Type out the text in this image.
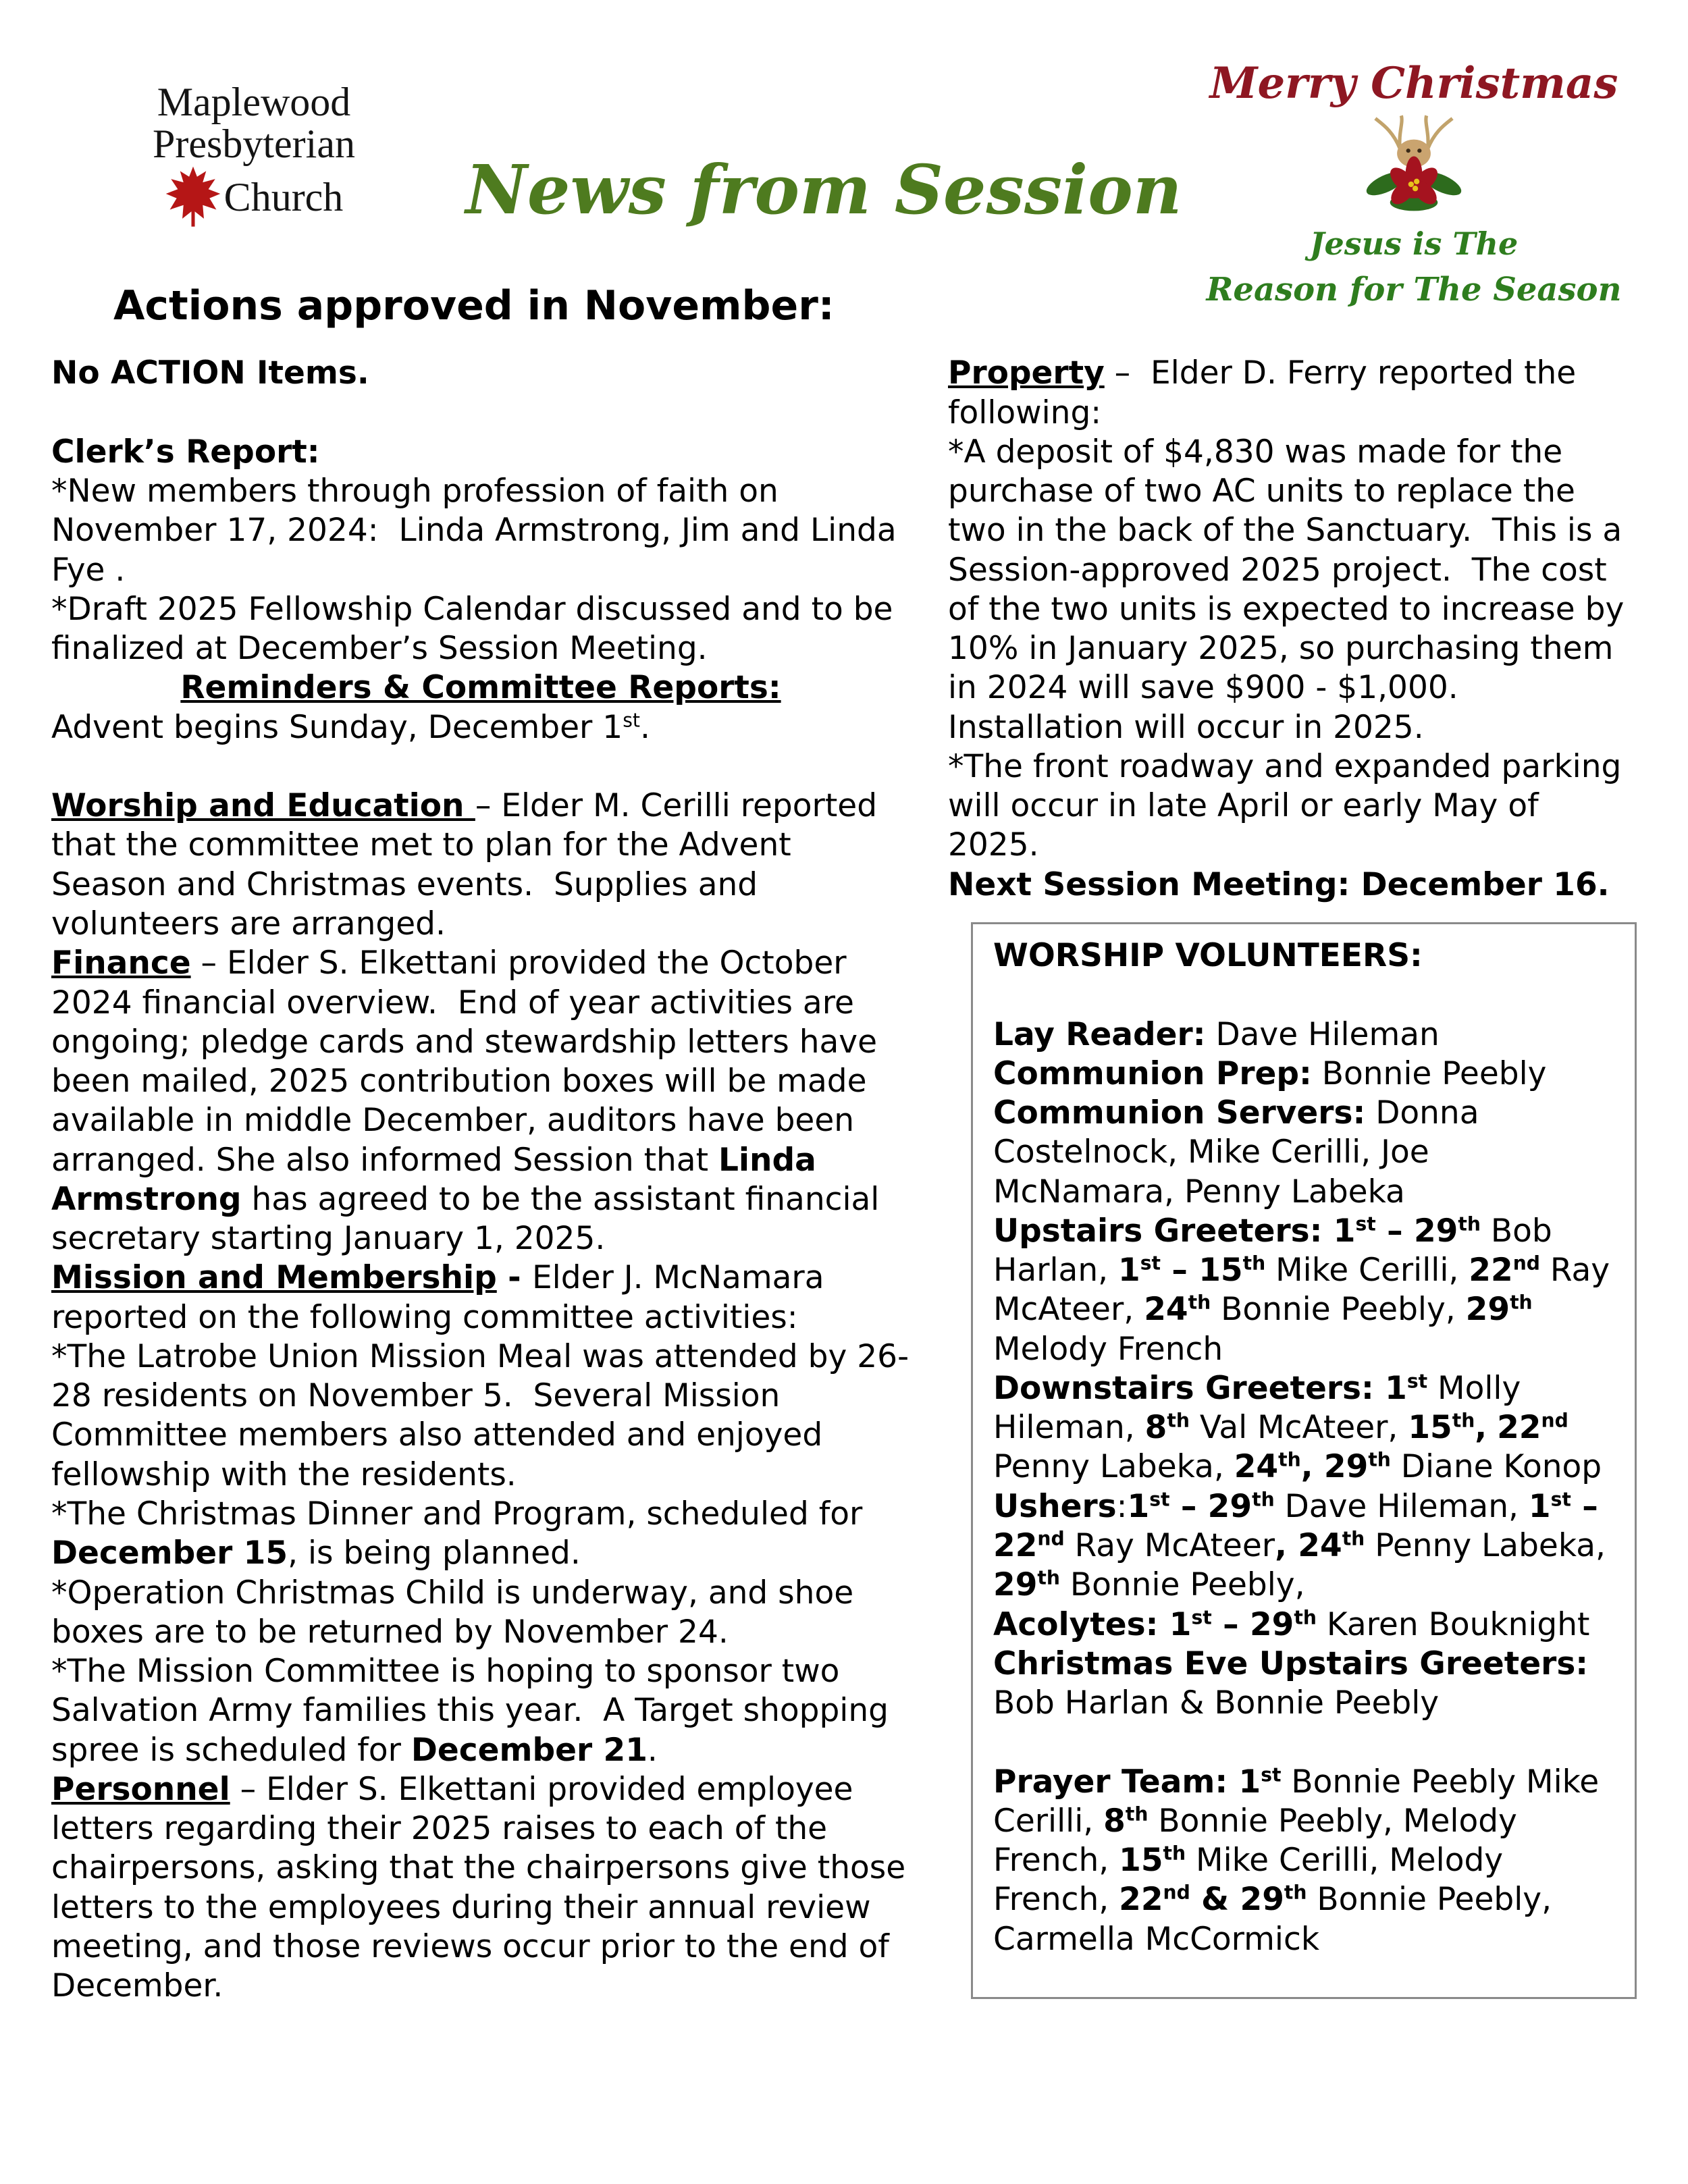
Maplewood
Presbyterian
Church News from Session
Merry Christmas
Jesus is The
Reason for The Season
Actions approved in November:
No ACTION Items.

Clerk’s Report:
*New members through profession of faith on November 17, 2024:  Linda Armstrong, Jim and Linda Fye .
*Draft 2025 Fellowship Calendar discussed and to be finalized at December’s Session Meeting.
Reminders & Committee Reports:
Advent begins Sunday, December 1st.

Worship and Education – Elder M. Cerilli reported that the committee met to plan for the Advent Season and Christmas events.  Supplies and volunteers are arranged.
Finance – Elder S. Elkettani provided the October 2024 financial overview.  End of year activities are ongoing; pledge cards and stewardship letters have been mailed, 2025 contribution boxes will be made available in middle December, auditors have been arranged. She also informed Session that Linda Armstrong has agreed to be the assistant financial secretary starting January 1, 2025.
Mission and Membership - Elder J. McNamara reported on the following committee activities:
*The Latrobe Union Mission Meal was attended by 26-28 residents on November 5.  Several Mission Committee members also attended and enjoyed fellowship with the residents.
*The Christmas Dinner and Program, scheduled for December 15, is being planned.
*Operation Christmas Child is underway, and shoe boxes are to be returned by November 24.
*The Mission Committee is hoping to sponsor two Salvation Army families this year.  A Target shopping spree is scheduled for December 21.
Personnel – Elder S. Elkettani provided employee letters regarding their 2025 raises to each of the chairpersons, asking that the chairpersons give those letters to the employees during their annual review meeting, and those reviews occur prior to the end of December.
Property –  Elder D. Ferry reported the following:
*A deposit of $4,830 was made for the purchase of two AC units to replace the two in the back of the Sanctuary.  This is a Session-approved 2025 project.  The cost of the two units is expected to increase by 10% in January 2025, so purchasing them in 2024 will save $900 - $1,000.  Installation will occur in 2025.
*The front roadway and expanded parking will occur in late April or early May of 2025.
Next Session Meeting: December 16.
WORSHIP VOLUNTEERS:

Lay Reader: Dave Hileman
Communion Prep: Bonnie Peebly
Communion Servers: Donna Costelnock, Mike Cerilli, Joe McNamara, Penny Labeka
Upstairs Greeters: 1st – 29th Bob Harlan, 1st – 15th Mike Cerilli, 22nd Ray McAteer, 24th Bonnie Peebly, 29th Melody French
Downstairs Greeters: 1st Molly Hileman, 8th Val McAteer, 15th, 22nd Penny Labeka, 24th, 29th Diane Konop
Ushers:1st – 29th Dave Hileman, 1st – 22nd Ray McAteer, 24th Penny Labeka, 29th Bonnie Peebly,
Acolytes: 1st – 29th Karen Bouknight
Christmas Eve Upstairs Greeters: Bob Harlan & Bonnie Peebly

Prayer Team: 1st Bonnie Peebly Mike Cerilli, 8th Bonnie Peebly, Melody French, 15th Mike Cerilli, Melody French, 22nd & 29th Bonnie Peebly, Carmella McCormick
